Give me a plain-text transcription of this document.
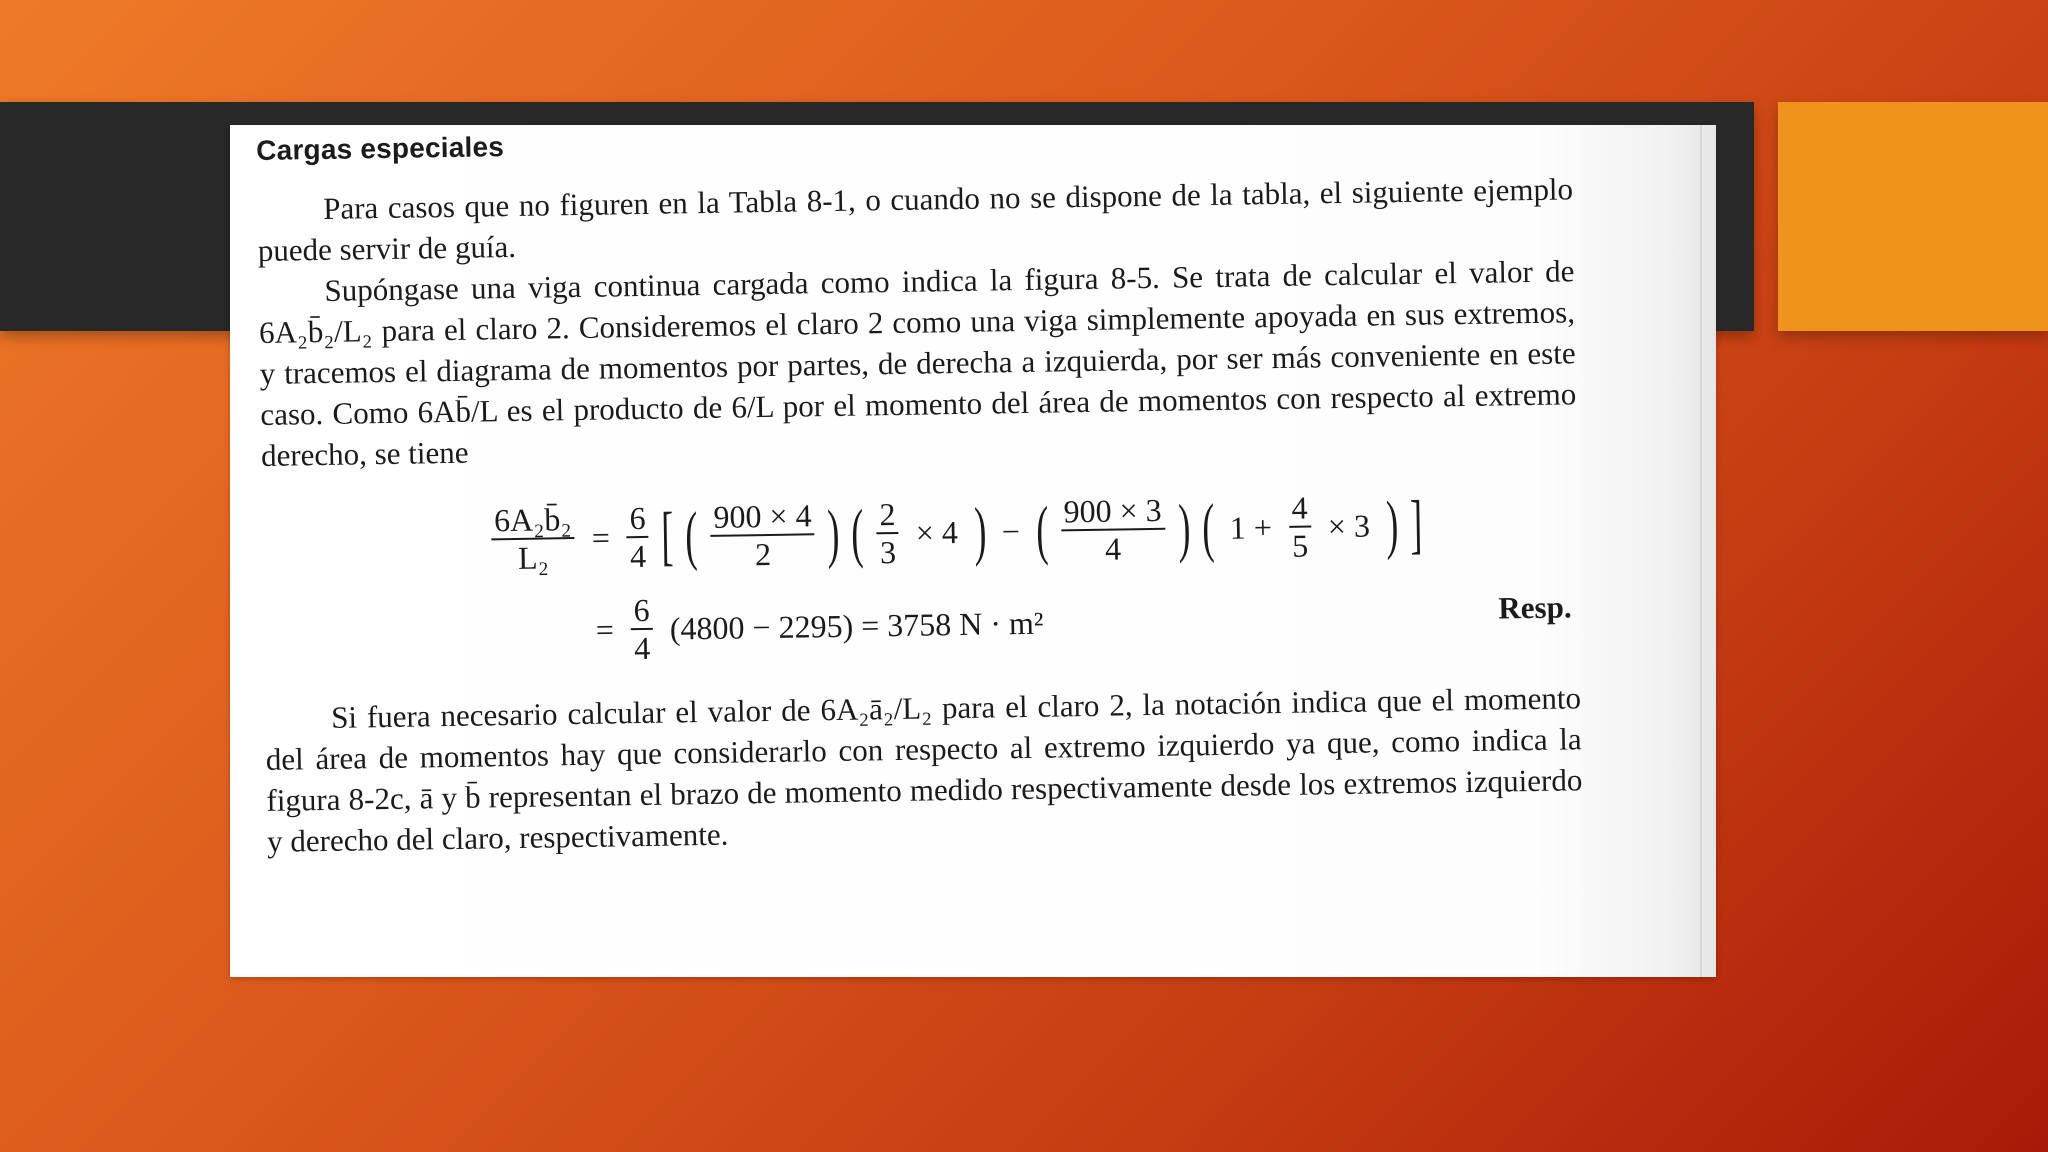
Cargas especiales

Para casos que no figuren en la Tabla 8-1, o cuando no se dispone de la tabla, el siguiente ejemplo puede servir de guía.

Supóngase una viga continua cargada como indica la figura 8-5. Se trata de calcular el valor de 6A₂b̄₂/L₂ para el claro 2. Consideremos el claro 2 como una viga simplemente apoyada en sus extremos, y tracemos el diagrama de momentos por partes, de derecha a izquierda, por ser más conveniente en este caso. Como 6Ab̄/L es el producto de 6/L por el momento del área de momentos con respecto al extremo derecho, se tiene

$\frac{\text{6A₂b̄₂}}{\text{L₂}} = \frac{6}{4}$ [ ( $\frac{900 \times 4}{2}$ ) ( $\frac{2}{3} \times 4$ ) − ( $\frac{900 \times 3}{4}$ ) ( $1 + \frac{4}{5} \times 3$ ) ]
= $\frac{6}{4} (4800 - 2295) = 3758$ N · m²	Resp.

Si fuera necesario calcular el valor de 6A₂ā₂/L₂ para el claro 2, la notación indica que el momento del área de momentos hay que considerarlo con respecto al extremo izquierdo ya que, como indica la figura 8-2c, ā y b̄ representan el brazo de momento medido respectivamente desde los extremos izquierdo y derecho del claro, respectivamente.
